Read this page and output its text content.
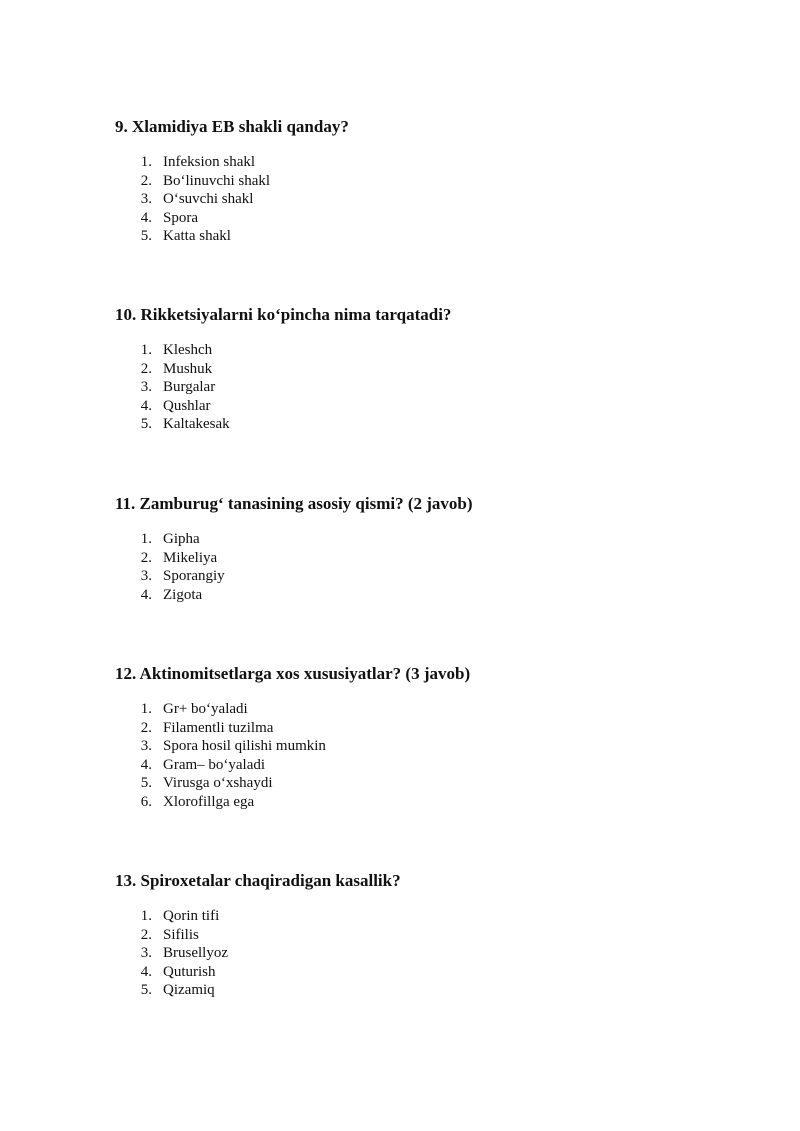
9. Xlamidiya EB shakli qanday?
1. Infeksion shakl
2. Bo‘linuvchi shakl
3. O‘suvchi shakl
4. Spora
5. Katta shakl
10. Rikketsiyalarni ko‘pincha nima tarqatadi?
1. Kleshch
2. Mushuk
3. Burgalar
4. Qushlar
5. Kaltakesak
11. Zamburug‘ tanasining asosiy qismi? (2 javob)
1. Gipha
2. Mikeliya
3. Sporangiy
4. Zigota
12. Aktinomitsetlarga xos xususiyatlar? (3 javob)
1. Gr+ bo‘yaladi
2. Filamentli tuzilma
3. Spora hosil qilishi mumkin
4. Gram– bo‘yaladi
5. Virusga o‘xshaydi
6. Xlorofillga ega
13. Spiroxetalar chaqiradigan kasallik?
1. Qorin tifi
2. Sifilis
3. Brusellyoz
4. Quturish
5. Qizamiq
